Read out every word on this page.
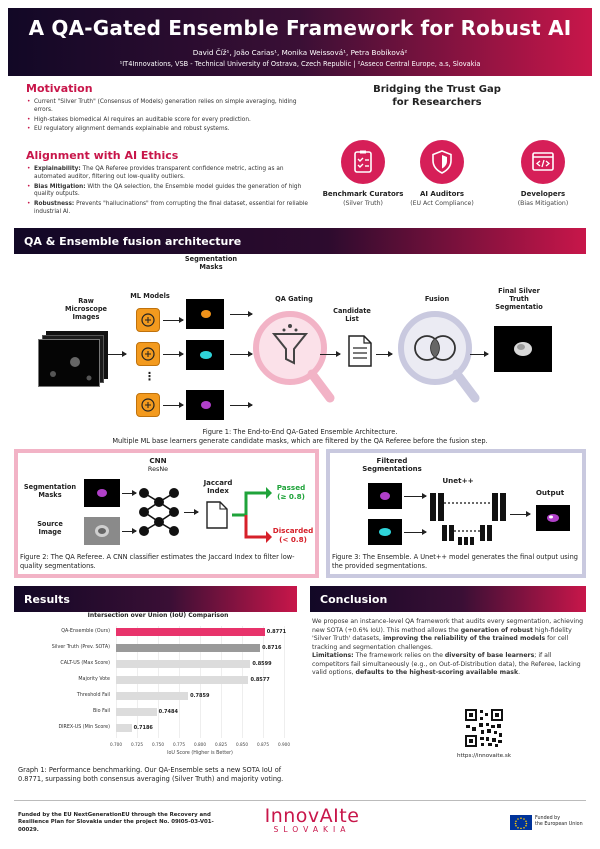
A QA-Gated Ensemble Framework for Robust AI
David Číž¹, João Carias¹, Monika Weissová¹, Petra Bobíková²
¹IT4Innovations, VSB - Technical University of Ostrava, Czech Republic | ²Asseco Central Europe, a.s, Slovakia
Motivation
• Current "Silver Truth" (Consensus of Models) generation relies on simple averaging, hiding errors.
• High-stakes biomedical AI requires an auditable score for every prediction.
• EU regulatory alignment demands explainable and robust systems.
Alignment with AI Ethics
• Explainability: The QA Referee provides transparent confidence metric, acting as an automated auditor, filtering out low-quality outliers.
• Bias Mitigation: With the QA selection, the Ensemble model guides the generation of high quality outputs.
• Robustness: Prevents "hallucinations" from corrupting the final dataset, essential for reliable industrial AI.
Bridging the Trust Gap for Researchers
Benchmark Curators
(Silver Truth)
AI Auditors
(EU Act Compliance)
Developers
(Bias Mitigation)
QA & Ensemble fusion architecture
Raw Microscope Images
ML Models
Segmentation Masks
QA Gating
Candidate List
Fusion
Final Silver Truth Segmentatio
⋮
Figure 1: The End-to-End QA-Gated Ensemble Architecture.
Multiple ML base learners generate candidate masks, which are filtered by the QA Referee before the fusion step.
Segmentation Masks
Source Image
CNN
ResNe
Jaccard Index	Passed
(≥ 0.8)
Discarded
(< 0.8)
Figure 2: The QA Referee. A CNN classifier estimates the Jaccard Index to filter low-quality segmentations.
Filtered Segmentations
Unet++
Output
Figure 3: The Ensemble. A Unet++ model generates the final output using the provided segmentations.
Results
Intersection over Union (IoU) Comparison
QA-Ensemble (Ours)	0.8771
Silver Truth (Prev. SOTA)	0.8716
CALT-US (Max Score)	0.8599
Majority Vote	0.8577
Threshold Fail	0.7859
Bio Fail	0.7484
DIREX-US (Min Score)	0.7186
0.700	0.725	0.750	0.775	0.800	0.825	0.850	0.875	0.900
IoU Score (Higher is Better)
Graph 1: Performance benchmarking. Our QA-Ensemble sets a new SOTA IoU of 0.8771, surpassing both consensus averaging (Silver Truth) and majority voting.
Conclusion

We propose an instance-level QA framework that audits every segmentation, achieving new SOTA (+0.6% IoU). This method allows the generation of robust high-fidelity 'Silver Truth' datasets, improving the reliability of the trained models for cell tracking and segmentation challenges.

Limitations: The framework relies on the diversity of base learners; if all competitors fail simultaneously (e.g., on Out-of-Distribution data), the Referee, lacking valid options, defaults to the highest-scoring available mask.

https://innovaite.sk
Funded by the EU NextGenerationEU through the Recovery and Resilience Plan for Slovakia under the project No. 09I05-03-V01-00029.
InnovAIte
SLOVAKIA
Funded by
the European Union
